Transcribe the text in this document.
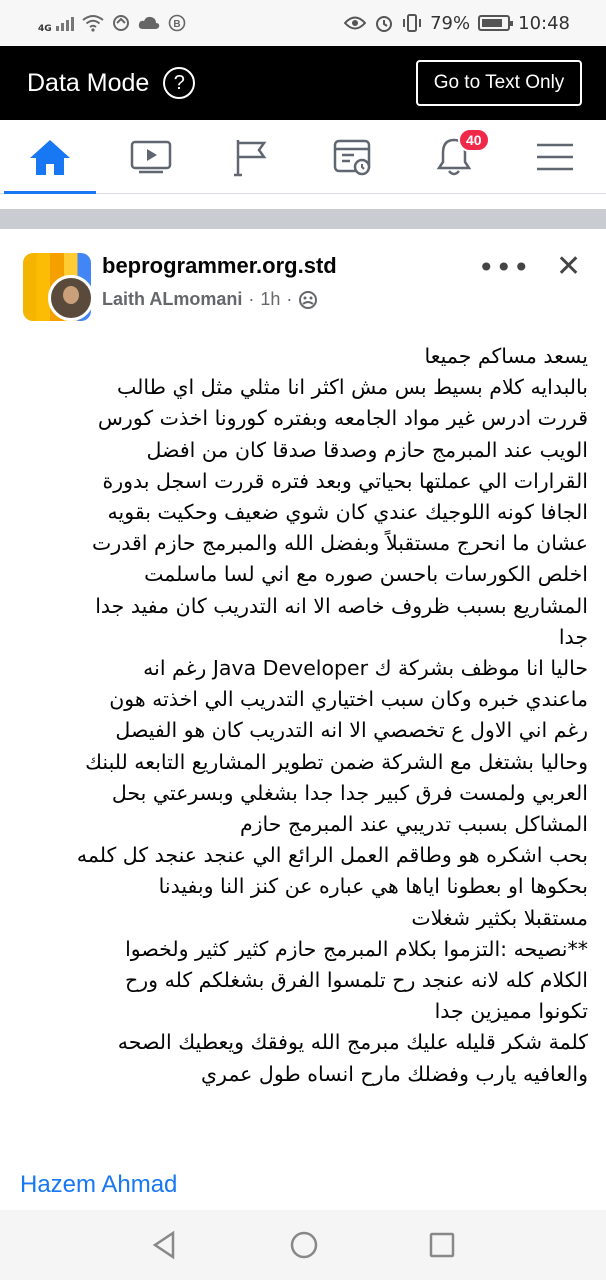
4G	B	79%	10:48
Data Mode	?	Go to Text Only
40
beprogrammer.org.std
Laith ALmomani · 1h ·
••• ✕

يسعد مساكم جميعا

بالبدايه كلام بسيط بس مش اكثر انا مثلي مثل اي طالب

قررت ادرس غير مواد الجامعه وبفتره كورونا اخذت كورس

الويب عند المبرمج حازم وصدقا صدقا كان من افضل

القرارات الي عملتها بحياتي وبعد فتره قررت اسجل بدورة

الجافا كونه اللوجيك عندي كان شوي ضعيف وحكيت بقويه

عشان ما انحرج مستقبلاً وبفضل الله والمبرمج حازم اقدرت

اخلص الكورسات باحسن صوره مع اني لسا ماسلمت

المشاريع بسبب ظروف خاصه الا انه التدريب كان مفيد جدا

جدا

حاليا انا موظف بشركة ك Java Developer رغم انه

ماعندي خبره وكان سبب اختياري التدريب الي اخذته هون

رغم اني الاول ع تخصصي الا انه التدريب كان هو الفيصل

وحاليا بشتغل مع الشركة ضمن تطوير المشاريع التابعه للبنك

العربي ولمست فرق كبير جدا جدا بشغلي وبسرعتي بحل

المشاكل بسبب تدريبي عند المبرمج حازم

بحب اشكره هو وطاقم العمل الرائع الي عنجد عنجد كل كلمه

بحكوها او بعطونا اياها هي عباره عن كنز النا وبفيدنا

مستقبلا بكثير شغلات

**نصيحه :التزموا بكلام المبرمج حازم كثير كثير ولخصوا

الكلام كله لانه عنجد رح تلمسوا الفرق بشغلكم كله ورح

تكونوا مميزين جدا

كلمة شكر قليله عليك مبرمج الله يوفقك ويعطيك الصحه

والعافيه يارب وفضلك مارح انساه طول عمري

Hazem Ahmad
